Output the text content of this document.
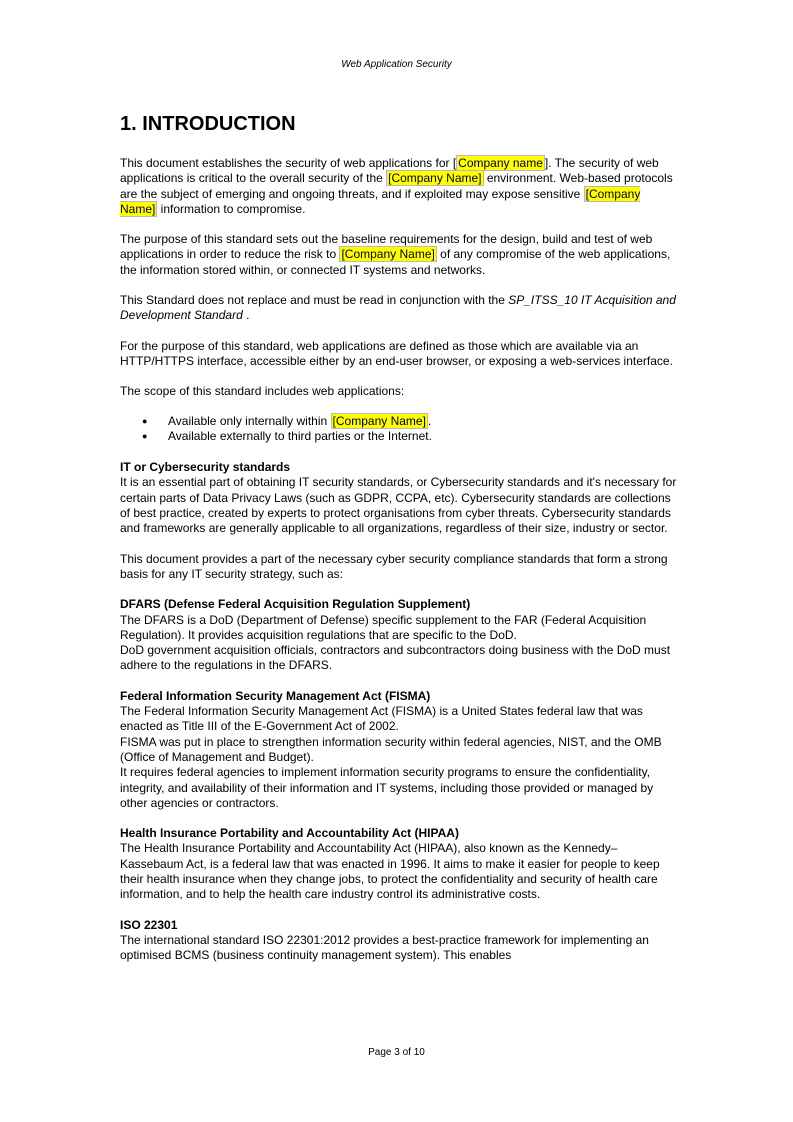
Web Application Security
1. INTRODUCTION

This document establishes the security of web applications for [ Company name ]. The security of web applications is critical to the overall security of the [Company Name] environment. Web-based protocols are the subject of emerging and ongoing threats, and if exploited may expose sensitive [Company Name] information to compromise.

The purpose of this standard sets out the baseline requirements for the design, build and test of web applications in order to reduce the risk to [Company Name] of any compromise of the web applications, the information stored within, or connected IT systems and networks.

This Standard does not replace and must be read in conjunction with the SP_ITSS_10 IT Acquisition and Development Standard .

For the purpose of this standard, web applications are defined as those which are available via an HTTP/HTTPS interface, accessible either by an end-user browser, or exposing a web-services interface.

The scope of this standard includes web applications:

● Available only internally within [Company Name] .
● Available externally to third parties or the Internet.
IT or Cybersecurity standards
It is an essential part of obtaining IT security standards, or Cybersecurity standards and it's necessary for certain parts of Data Privacy Laws (such as GDPR, CCPA, etc). Cybersecurity standards are collections of best practice, created by experts to protect organisations from cyber threats. Cybersecurity standards and frameworks are generally applicable to all organizations, regardless of their size, industry or sector.

This document provides a part of the necessary cyber security compliance standards that form a strong basis for any IT security strategy, such as:

DFARS (Defense Federal Acquisition Regulation Supplement)
The DFARS is a DoD (Department of Defense) specific supplement to the FAR (Federal Acquisition Regulation). It provides acquisition regulations that are specific to the DoD.
DoD government acquisition officials, contractors and subcontractors doing business with the DoD must adhere to the regulations in the DFARS.
Federal Information Security Management Act (FISMA)
The Federal Information Security Management Act (FISMA) is a United States federal law that was enacted as Title III of the E-Government Act of 2002.
FISMA was put in place to strengthen information security within federal agencies, NIST, and the OMB (Office of Management and Budget).
It requires federal agencies to implement information security programs to ensure the confidentiality, integrity, and availability of their information and IT systems, including those provided or managed by other agencies or contractors.
Health Insurance Portability and Accountability Act (HIPAA)
The Health Insurance Portability and Accountability Act (HIPAA), also known as the Kennedy–Kassebaum Act, is a federal law that was enacted in 1996. It aims to make it easier for people to keep their health insurance when they change jobs, to protect the confidentiality and security of health care information, and to help the health care industry control its administrative costs.
ISO 22301
The international standard ISO 22301:2012 provides a best-practice framework for implementing an optimised BCMS (business continuity management system). This enables
Page 3 of 10
